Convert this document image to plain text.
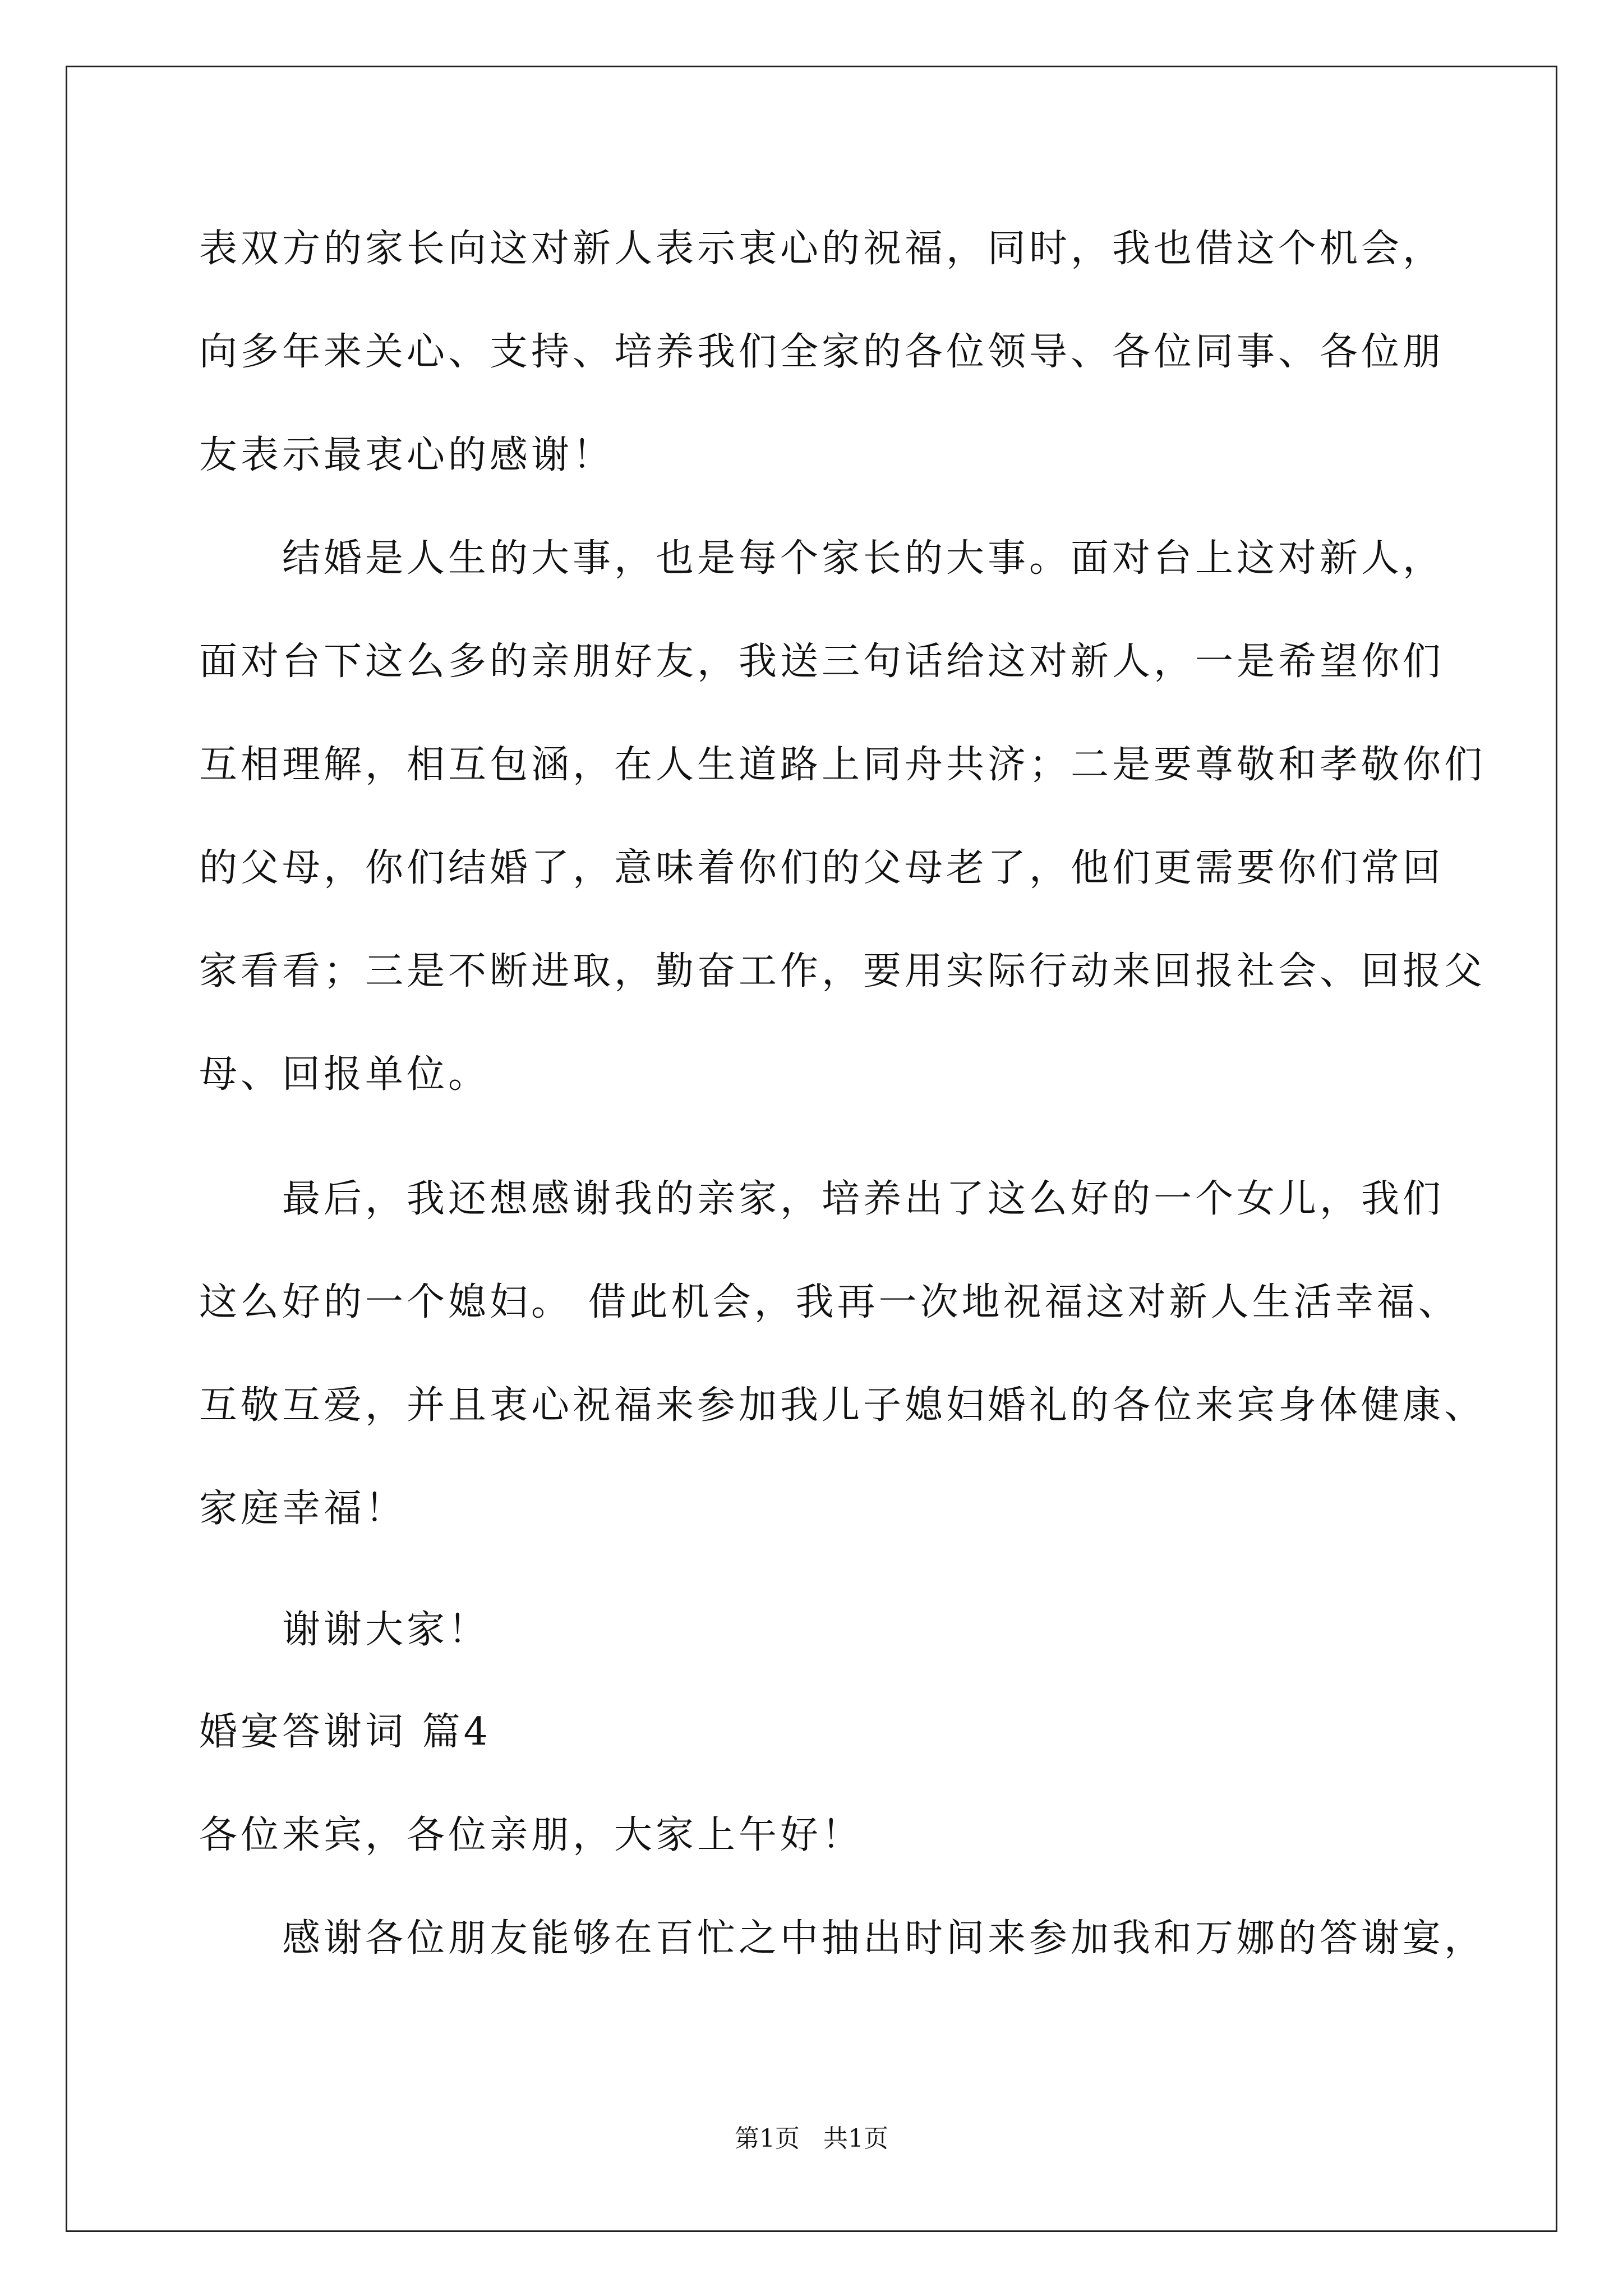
表双方的家长向这对新人表示衷心的祝福，同时，我也借这个机会，
向多年来关心、支持、培养我们全家的各位领导、各位同事、各位朋
友表示最衷心的感谢！
　　结婚是人生的大事，也是每个家长的大事。面对台上这对新人，
面对台下这么多的亲朋好友，我送三句话给这对新人，一是希望你们
互相理解，相互包涵，在人生道路上同舟共济；二是要尊敬和孝敬你们
的父母，你们结婚了，意味着你们的父母老了，他们更需要你们常回
家看看；三是不断进取，勤奋工作，要用实际行动来回报社会、回报父
母、回报单位。
　　最后，我还想感谢我的亲家，培养出了这么好的一个女儿，我们
这么好的一个媳妇。 借此机会，我再一次地祝福这对新人生活幸福、
互敬互爱，并且衷心祝福来参加我儿子媳妇婚礼的各位来宾身体健康、
家庭幸福！
　　谢谢大家！
婚宴答谢词 篇4
各位来宾，各位亲朋，大家上午好！
　　感谢各位朋友能够在百忙之中抽出时间来参加我和万娜的答谢宴，
第1页   共1页
